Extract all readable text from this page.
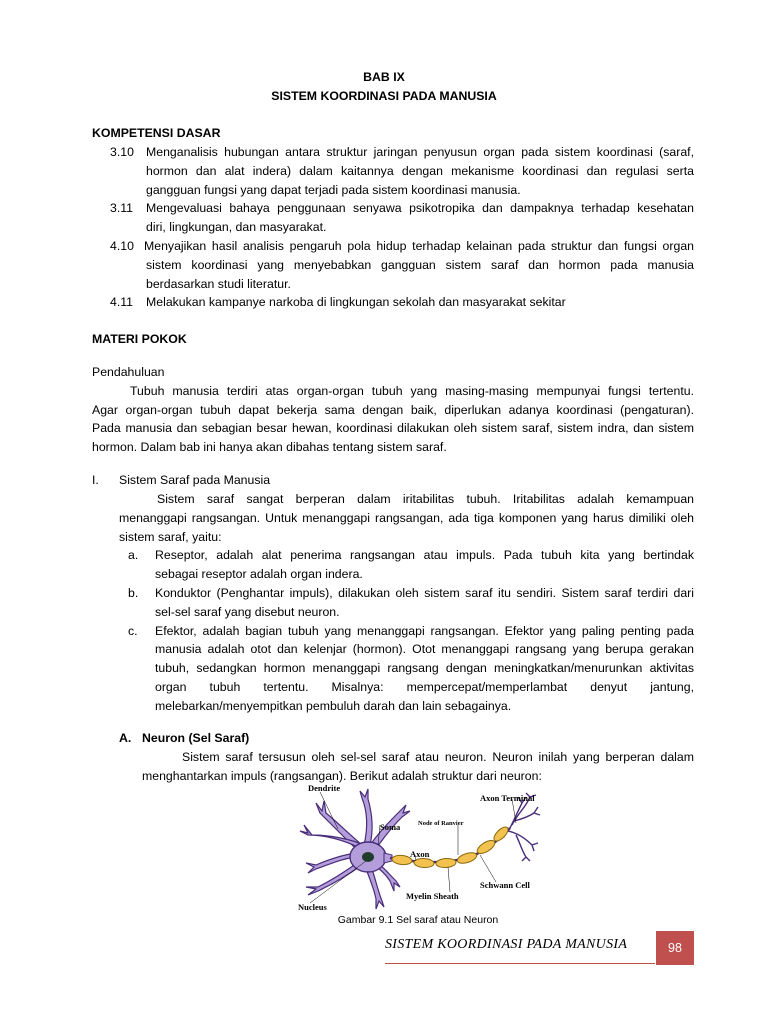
BAB IX
SISTEM KOORDINASI PADA MANUSIA
KOMPETENSI DASAR
3.10 Menganalisis hubungan antara struktur jaringan penyusun organ pada sistem koordinasi (saraf,
hormon dan alat indera) dalam kaitannya dengan mekanisme koordinasi dan regulasi serta
gangguan fungsi yang dapat terjadi pada sistem koordinasi manusia.
3.11 Mengevaluasi bahaya penggunaan senyawa psikotropika dan dampaknya terhadap kesehatan
diri, lingkungan, dan masyarakat.
4.10 Menyajikan hasil analisis pengaruh pola hidup terhadap kelainan pada struktur dan fungsi organ
sistem koordinasi yang menyebabkan gangguan sistem saraf dan hormon pada manusia
berdasarkan studi literatur.
4.11 Melakukan kampanye narkoba di lingkungan sekolah dan masyarakat sekitar
MATERI POKOK
Pendahuluan
Tubuh manusia terdiri atas organ-organ tubuh yang masing-masing mempunyai fungsi tertentu.
Agar organ-organ tubuh dapat bekerja sama dengan baik, diperlukan adanya koordinasi (pengaturan).
Pada manusia dan sebagian besar hewan, koordinasi dilakukan oleh sistem saraf, sistem indra, dan sistem
hormon. Dalam bab ini hanya akan dibahas tentang sistem saraf.
I. Sistem Saraf pada Manusia
Sistem saraf sangat berperan dalam iritabilitas tubuh. Iritabilitas adalah kemampuan
menanggapi rangsangan. Untuk menanggapi rangsangan, ada tiga komponen yang harus dimiliki oleh
sistem saraf, yaitu:
a. Reseptor, adalah alat penerima rangsangan atau impuls. Pada tubuh kita yang bertindak
sebagai reseptor adalah organ indera.
b. Konduktor (Penghantar impuls), dilakukan oleh sistem saraf itu sendiri. Sistem saraf terdiri dari
sel-sel saraf yang disebut neuron.
c. Efektor, adalah bagian tubuh yang menanggapi rangsangan. Efektor yang paling penting pada
manusia adalah otot dan kelenjar (hormon). Otot menanggapi rangsang yang berupa gerakan
tubuh, sedangkan hormon menanggapi rangsang dengan meningkatkan/menurunkan aktivitas
organ tubuh tertentu. Misalnya: mempercepat/memperlambat denyut jantung,
melebarkan/menyempitkan pembuluh darah dan lain sebagainya.
A. Neuron (Sel Saraf)
Sistem saraf tersusun oleh sel-sel saraf atau neuron. Neuron inilah yang berperan dalam
menghantarkan impuls (rangsangan). Berikut adalah struktur dari neuron:
Dendrite
Axon Terminal
Soma	Node of Ranvier
Axon
Schwann Cell
Myelin Sheath
Nucleus
Gambar 9.1 Sel saraf atau Neuron
SISTEM KOORDINASI PADA MANUSIA	98
